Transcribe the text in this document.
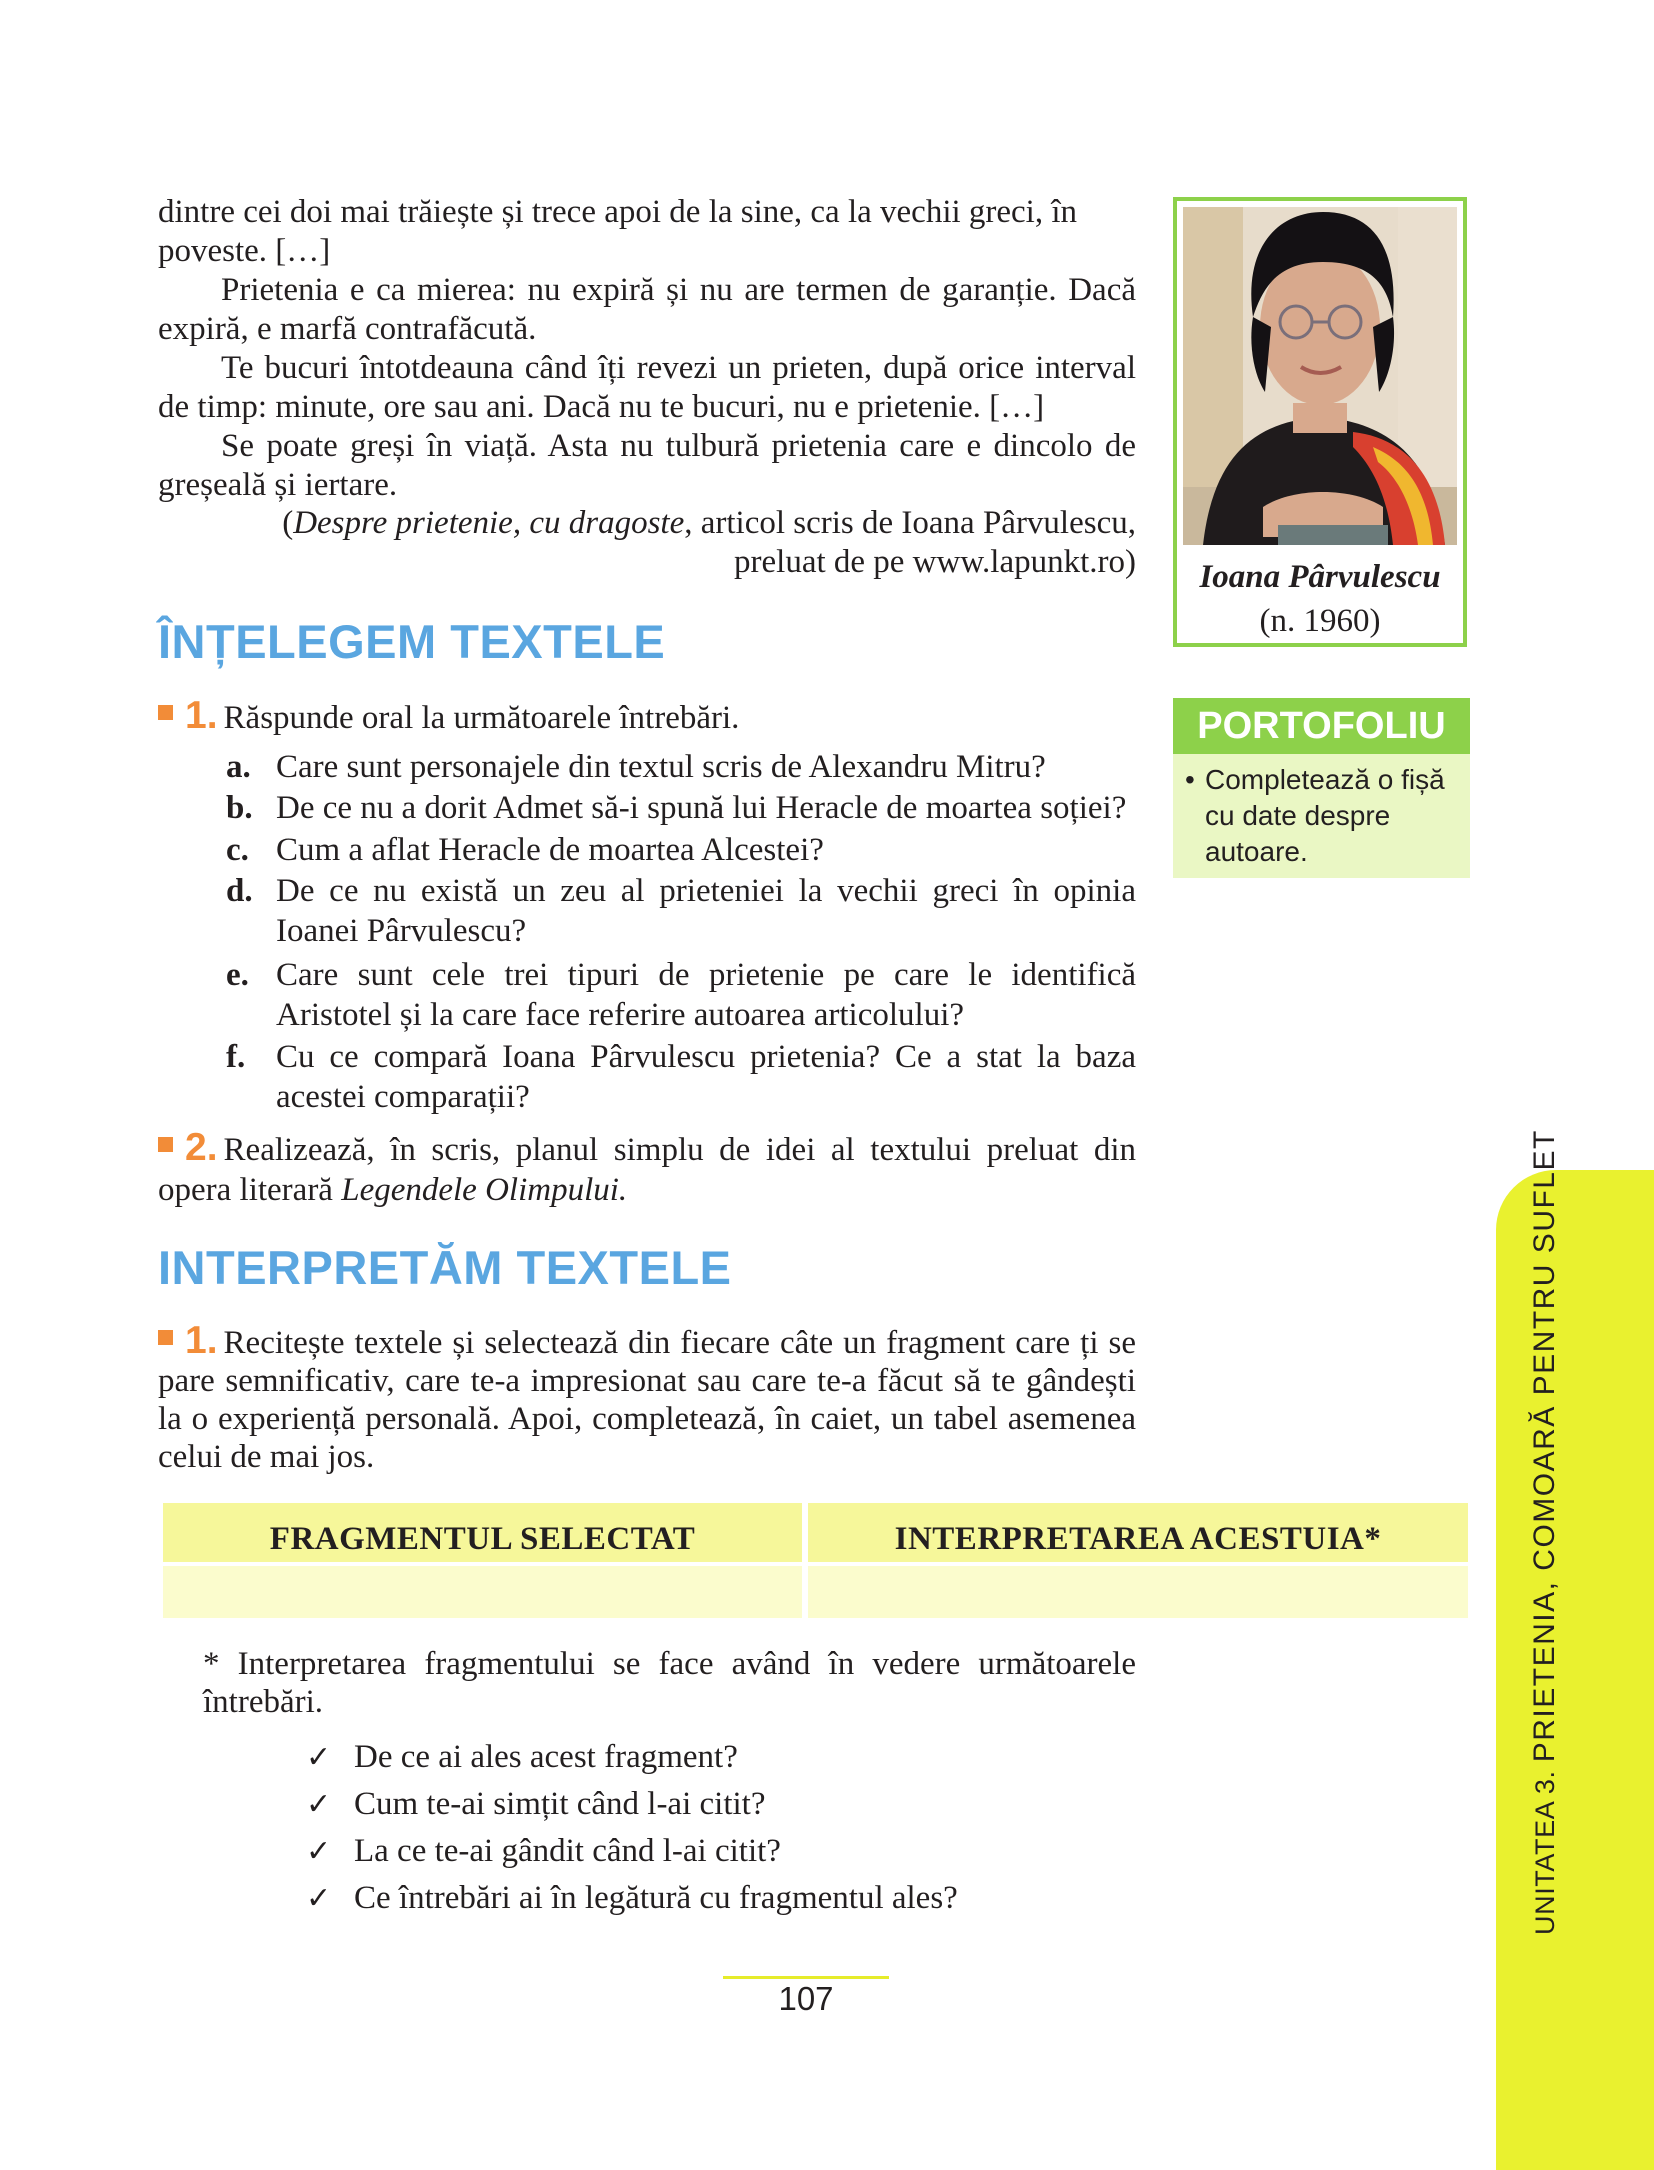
dintre cei doi mai trăiește și trece apoi de la sine, ca la vechii greci, în

poveste. […]

Prietenia e ca mierea: nu expiră și nu are termen de garanție. Dacă expiră, e marfă contrafăcută.

Te bucuri întotdeauna când îți revezi un prieten, după orice interval de timp: minute, ore sau ani. Dacă nu te bucuri, nu e prietenie. […]

Se poate greși în viață. Asta nu tulbură prietenia care e dincolo de greșeală și iertare.

(Despre prietenie, cu dragoste, articol scris de Ioana Pârvulescu,

preluat de pe www.lapunkt.ro)	Ioana Pârvulescu
(n. 1960)
PORTOFOLIU
• Completează o fișă cu date despre autoare.
ÎNȚELEGEM TEXTELE
1. Răspunde oral la următoarele întrebări.
a. Care sunt personajele din textul scris de Alexandru Mitru?
b. De ce nu a dorit Admet să-i spună lui Heracle de moartea soției?
c. Cum a aflat Heracle de moartea Alcestei?
d. De ce nu există un zeu al prieteniei la vechii greci în opinia Ioanei Pârvulescu?
e. Care sunt cele trei tipuri de prietenie pe care le identifică Aristotel și la care face referire autoarea articolului?
f. Cu ce compară Ioana Pârvulescu prietenia? Ce a stat la baza acestei comparații?
2. Realizează, în scris, planul simplu de idei al textului preluat din opera literară Legendele Olimpului.
INTERPRETĂM TEXTELE
1. Recitește textele și selectează din fiecare câte un fragment care ți se pare semnificativ, care te-a impresionat sau care te-a făcut să te gândești la o experiență personală. Apoi, completează, în caiet, un tabel asemenea celui de mai jos.
FRAGMENTUL SELECTAT	INTERPRETAREA ACESTUIA*
* Interpretarea fragmentului se face având în vedere următoarele întrebări.
✓ De ce ai ales acest fragment?
✓ Cum te-ai simțit când l-ai citit?
✓ La ce te-ai gândit când l-ai citit?
✓ Ce întrebări ai în legătură cu fragmentul ales?
107
UNITATEA 3. PRIETENIA, COMOARĂ PENTRU SUFLET
